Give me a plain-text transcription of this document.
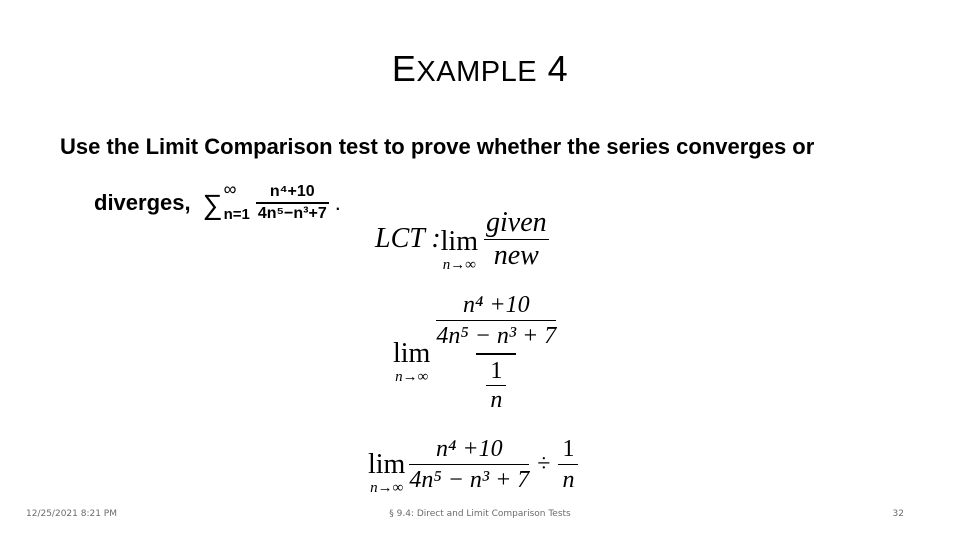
EXAMPLE 4
Use the Limit Comparison test to prove whether the series converges or
diverges, ∑ ∞
n=1
n⁴+10
4n⁵−n³+7 .
LCT : lim
$n\to\infty \frac{\text{given}}{\text{new}}$
lim
$n\to\infty \frac{\frac{\text{n⁴ +10}}{\text{4n⁵ − n³ + 7}}}{\frac{1}{n}}$
lim
$n\to\infty \frac{\text{n⁴ +10}}{\text{4n⁵ − n³ + 7}} \div \frac{1}{n}$
12/25/2021 8:21 PM	§ 9.4: Direct and Limit Comparison Tests	32
